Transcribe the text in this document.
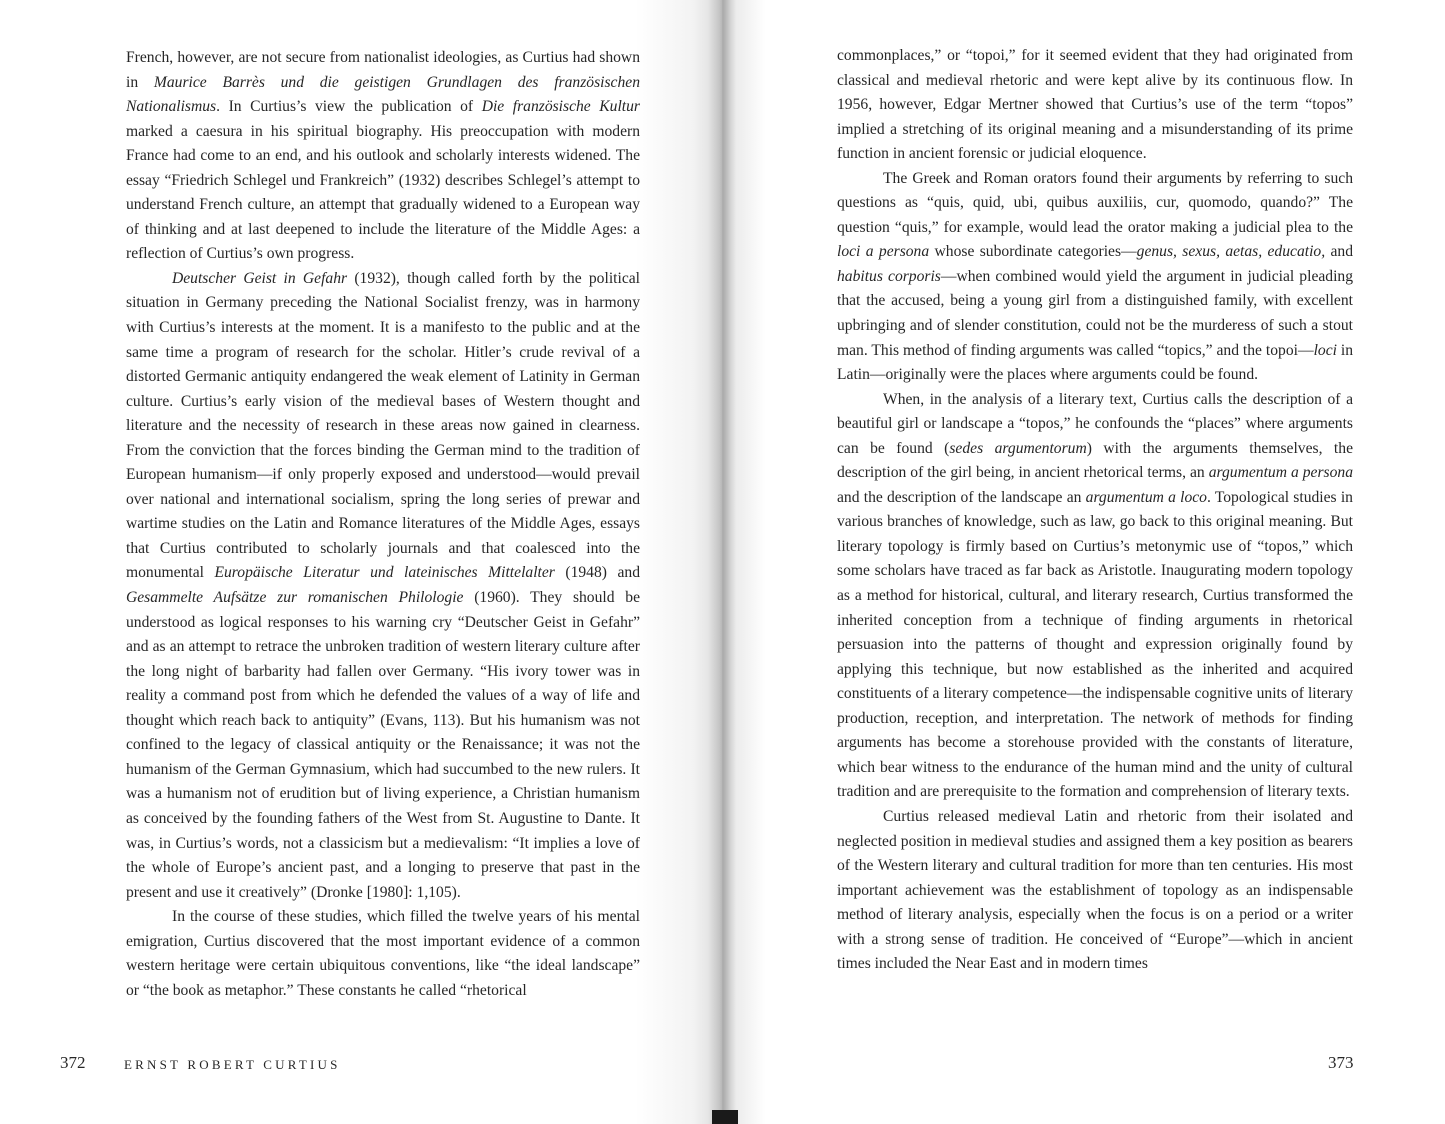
French, however, are not secure from nationalist ideologies, as Curtius had shown in Maurice Barrès und die geistigen Grundlagen des französischen Nationalismus. In Curtius’s view the publication of Die französische Kultur marked a caesura in his spiritual biography. His preoccupation with modern France had come to an end, and his outlook and scholarly interests widened. The essay “Friedrich Schlegel und Frankreich” (1932) describes Schlegel’s attempt to understand French culture, an attempt that gradually widened to a European way of thinking and at last deepened to include the literature of the Middle Ages: a reflection of Curtius’s own progress.

Deutscher Geist in Gefahr (1932), though called forth by the political situation in Germany preceding the National Socialist frenzy, was in harmony with Curtius’s interests at the moment. It is a manifesto to the public and at the same time a program of research for the scholar. Hitler’s crude revival of a distorted Germanic antiquity endangered the weak element of Latinity in German culture. Curtius’s early vision of the medieval bases of Western thought and literature and the necessity of research in these areas now gained in clearness. From the conviction that the forces binding the German mind to the tradition of European humanism—if only properly exposed and understood—would prevail over national and international socialism, spring the long series of prewar and wartime studies on the Latin and Romance literatures of the Middle Ages, essays that Curtius contributed to scholarly journals and that coalesced into the monumental Europäische Literatur und lateinisches Mittelalter (1948) and Gesammelte Aufsätze zur romanischen Philologie (1960). They should be understood as logical responses to his warning cry “Deutscher Geist in Gefahr” and as an attempt to retrace the unbroken tradition of western literary culture after the long night of barbarity had fallen over Germany. “His ivory tower was in reality a command post from which he defended the values of a way of life and thought which reach back to antiquity” (Evans, 113). But his humanism was not confined to the legacy of classical antiquity or the Renaissance; it was not the humanism of the German Gymnasium, which had succumbed to the new rulers. It was a humanism not of erudition but of living experience, a Christian humanism as conceived by the founding fathers of the West from St. Augustine to Dante. It was, in Curtius’s words, not a classicism but a medievalism: “It implies a love of the whole of Europe’s ancient past, and a longing to preserve that past in the present and use it creatively” (Dronke [1980]: 1,105).

In the course of these studies, which filled the twelve years of his mental emigration, Curtius discovered that the most important evidence of a common western heritage were certain ubiquitous conventions, like “the ideal landscape” or “the book as metaphor.” These constants he called “rhetorical

commonplaces,” or “topoi,” for it seemed evident that they had originated from classical and medieval rhetoric and were kept alive by its continuous flow. In 1956, however, Edgar Mertner showed that Curtius’s use of the term “topos” implied a stretching of its original meaning and a misunderstanding of its prime function in ancient forensic or judicial eloquence.

The Greek and Roman orators found their arguments by referring to such questions as “quis, quid, ubi, quibus auxiliis, cur, quomodo, quando?” The question “quis,” for example, would lead the orator making a judicial plea to the loci a persona whose subordinate categories—genus, sexus, aetas, educatio, and habitus corporis—when combined would yield the argument in judicial pleading that the accused, being a young girl from a distinguished family, with excellent upbringing and of slender constitution, could not be the murderess of such a stout man. This method of finding arguments was called “topics,” and the topoi—loci in Latin—originally were the places where arguments could be found.

When, in the analysis of a literary text, Curtius calls the description of a beautiful girl or landscape a “topos,” he confounds the “places” where arguments can be found (sedes argumentorum) with the arguments themselves, the description of the girl being, in ancient rhetorical terms, an argumentum a persona and the description of the landscape an argumentum a loco. Topological studies in various branches of knowledge, such as law, go back to this original meaning. But literary topology is firmly based on Curtius’s metonymic use of “topos,” which some scholars have traced as far back as Aristotle. Inaugurating modern topology as a method for historical, cultural, and literary research, Curtius transformed the inherited conception from a technique of finding arguments in rhetorical persuasion into the patterns of thought and expression originally found by applying this technique, but now established as the inherited and acquired constituents of a literary competence—the indispensable cognitive units of literary production, reception, and interpretation. The network of methods for finding arguments has become a storehouse provided with the constants of literature, which bear witness to the endurance of the human mind and the unity of cultural tradition and are prerequisite to the formation and comprehension of literary texts.

Curtius released medieval Latin and rhetoric from their isolated and neglected position in medieval studies and assigned them a key position as bearers of the Western literary and cultural tradition for more than ten centuries. His most important achievement was the establishment of topology as an indispensable method of literary analysis, especially when the focus is on a period or a writer with a strong sense of tradition. He conceived of “Europe”—which in ancient times included the Near East and in modern times

372	ERNST ROBERT CURTIUS	373
